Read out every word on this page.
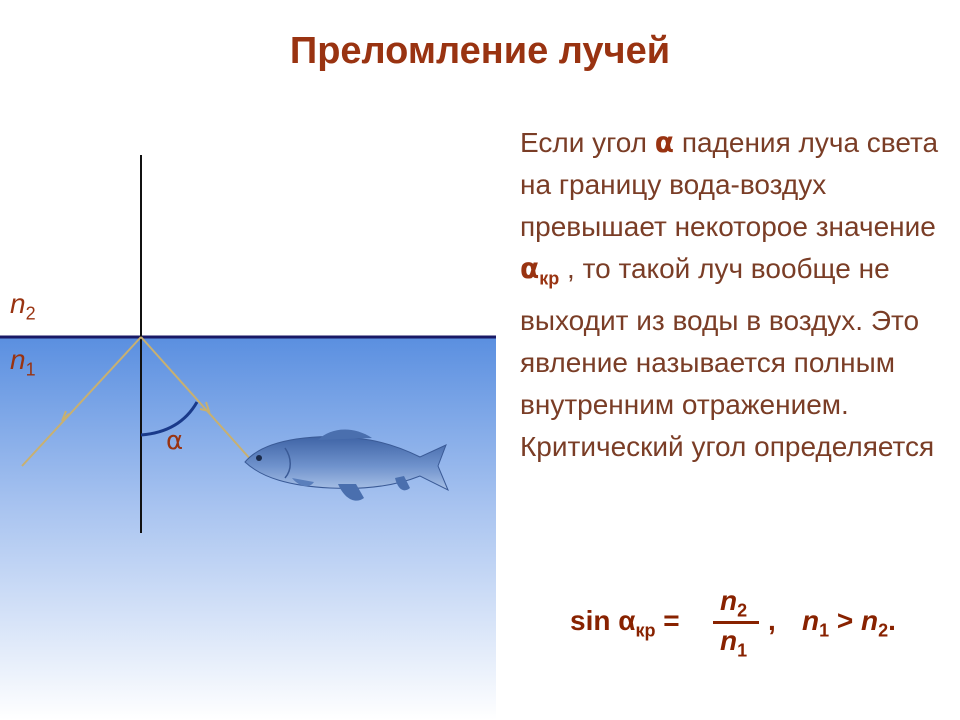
Преломление лучей
$n_2$
$n_1$
α
Если угол α падения луча света на границу вода-воздух превышает некоторое значение $\alpha_{кр}$ , то такой луч вообще не выходит из воды в воздух. Это явление называется полным внутренним отражением. Критический угол определяется
$\sin \alpha_{кр}$ =
$n_2$
$n_1$
, $n_1 > n_2$.
